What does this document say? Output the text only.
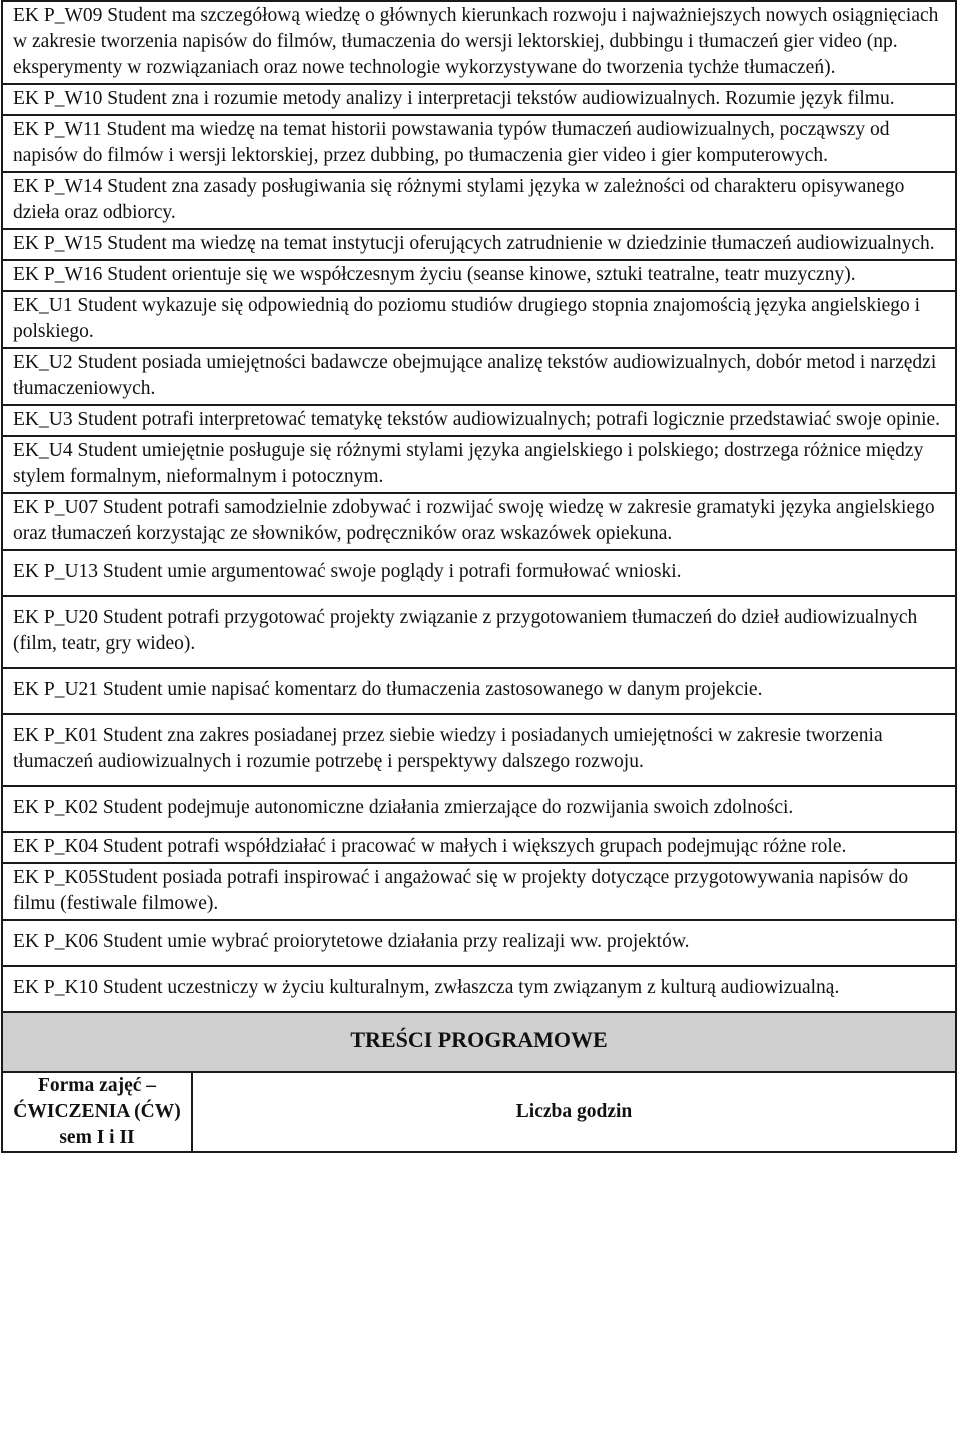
EK P_W09 Student ma szczegółową wiedzę o głównych kierunkach rozwoju i najważniejszych nowych osiągnięciach w zakresie tworzenia napisów do filmów, tłumaczenia do wersji lektorskiej, dubbingu i tłumaczeń gier video (np. eksperymenty w rozwiązaniach oraz nowe technologie wykorzystywane do tworzenia tychże tłumaczeń).
EK P_W10 Student zna i rozumie metody analizy i interpretacji tekstów audiowizualnych. Rozumie język filmu.
EK P_W11 Student ma wiedzę na temat historii powstawania typów tłumaczeń audiowizualnych, począwszy od napisów do filmów i wersji lektorskiej, przez dubbing, po tłumaczenia gier video i gier komputerowych.
EK P_W14 Student zna zasady posługiwania się różnymi stylami języka w zależności od charakteru opisywanego dzieła oraz odbiorcy.
EK P_W15 Student ma wiedzę na temat instytucji oferujących zatrudnienie w dziedzinie tłumaczeń audiowizualnych.
EK P_W16 Student orientuje się we współczesnym życiu (seanse kinowe, sztuki teatralne, teatr muzyczny).
EK_U1 Student wykazuje się odpowiednią do poziomu studiów drugiego stopnia znajomością języka angielskiego i polskiego.
EK_U2 Student posiada umiejętności badawcze obejmujące analizę tekstów audiowizualnych, dobór metod i narzędzi tłumaczeniowych.
EK_U3 Student potrafi interpretować tematykę tekstów audiowizualnych; potrafi logicznie przedstawiać swoje opinie.
EK_U4 Student umiejętnie posługuje się różnymi stylami języka angielskiego i polskiego; dostrzega różnice między stylem formalnym, nieformalnym i potocznym.
EK P_U07 Student potrafi samodzielnie zdobywać i rozwijać swoję wiedzę w zakresie gramatyki języka angielskiego oraz tłumaczeń korzystając ze słowników, podręczników oraz wskazówek opiekuna.
EK P_U13 Student umie argumentować swoje poglądy i potrafi formułować wnioski.
EK P_U20 Student potrafi przygotować projekty związanie z przygotowaniem tłumaczeń do dzieł audiowizualnych (film, teatr, gry wideo).
EK P_U21 Student umie napisać komentarz do tłumaczenia zastosowanego w danym projekcie.
EK P_K01 Student zna zakres posiadanej przez siebie wiedzy i posiadanych umiejętności w zakresie tworzenia tłumaczeń audiowizualnych i rozumie potrzebę i perspektywy dalszego rozwoju.
EK P_K02 Student podejmuje autonomiczne działania zmierzające do rozwijania swoich zdolności.
EK P_K04 Student potrafi współdziałać i pracować w małych i większych grupach podejmując różne role.
EK P_K05Student posiada potrafi inspirować i angażować się w projekty dotyczące przygotowywania napisów do filmu (festiwale filmowe).
EK P_K06 Student umie wybrać proiorytetowe działania przy realizaji ww. projektów.
EK P_K10 Student uczestniczy w życiu kulturalnym, zwłaszcza tym związanym z kulturą audiowizualną.
TREŚCI PROGRAMOWE
Forma zajęć – ĆWICZENIA (ĆW) sem I i II	Liczba godzin
